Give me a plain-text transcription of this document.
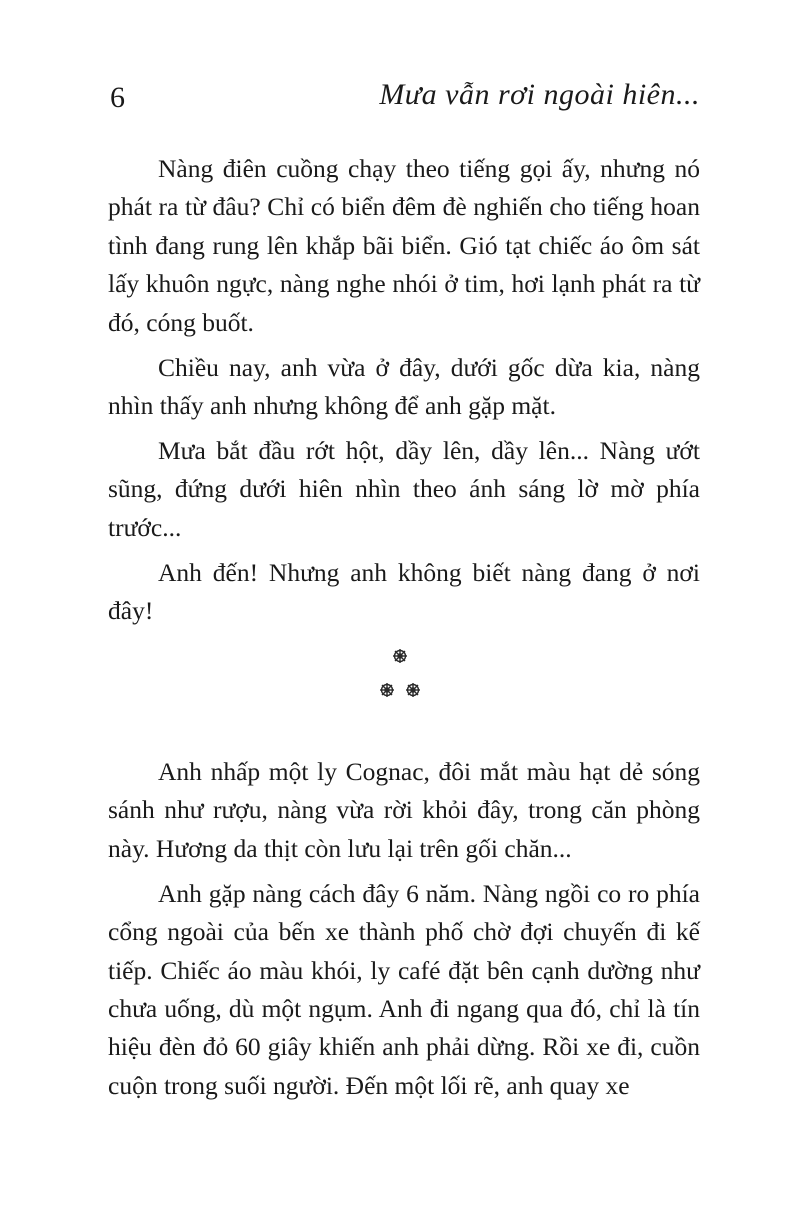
6	Mưa vẫn rơi ngoài hiên...

Nàng điên cuồng chạy theo tiếng gọi ấy, nhưng nó phát ra từ đâu? Chỉ có biển đêm đè nghiến cho tiếng hoan tình đang rung lên khắp bãi biển. Gió tạt chiếc áo ôm sát lấy khuôn ngực, nàng nghe nhói ở tim, hơi lạnh phát ra từ đó, cóng buốt.

Chiều nay, anh vừa ở đây, dưới gốc dừa kia, nàng nhìn thấy anh nhưng không để anh gặp mặt.

Mưa bắt đầu rớt hột, dầy lên, dầy lên... Nàng ướt sũng, đứng dưới hiên nhìn theo ánh sáng lờ mờ phía trước...

Anh đến! Nhưng anh không biết nàng đang ở nơi đây!

Anh nhấp một ly Cognac, đôi mắt màu hạt dẻ sóng sánh như rượu, nàng vừa rời khỏi đây, trong căn phòng này. Hương da thịt còn lưu lại trên gối chăn...

Anh gặp nàng cách đây 6 năm. Nàng ngồi co ro phía cổng ngoài của bến xe thành phố chờ đợi chuyến đi kế tiếp. Chiếc áo màu khói, ly café đặt bên cạnh dường như chưa uống, dù một ngụm. Anh đi ngang qua đó, chỉ là tín hiệu đèn đỏ 60 giây khiến anh phải dừng. Rồi xe đi, cuồn cuộn trong suối người. Đến một lối rẽ, anh quay xe
